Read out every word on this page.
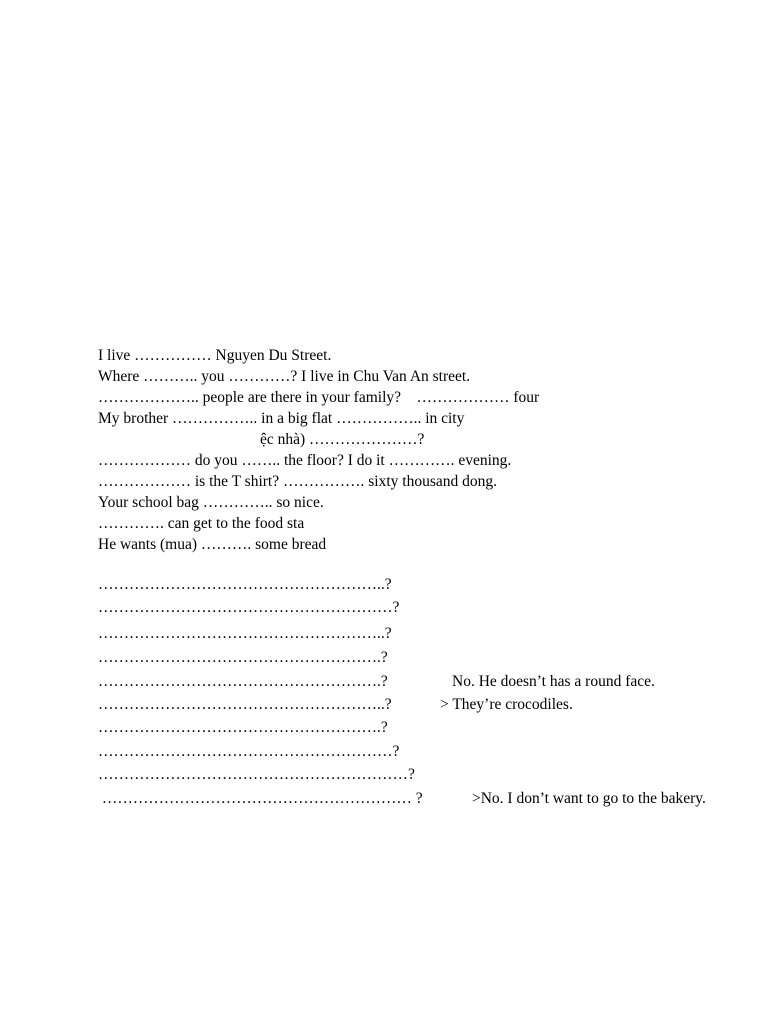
I live …………… Nguyen Du Street.
Where ……….. you …………? I live in Chu Van An street.
……………….. people are there in your family?    ……………… four
My brother …………….. in a big flat …………….. in city
ệc nhà) …………………?
……………… do you …….. the floor? I do it …………. evening.
……………… is the T shirt? ……………. sixty thousand dong.
Your school bag ………….. so nice.
…………. can get to the food sta
He wants (mua) ………. some bread
………………………………………………..?
…………………………………………………?
………………………………………………..?
……………………………………………….?
……………………………………………….?	No. He doesn’t has a round face.
………………………………………………..?	> They’re crocodiles.
……………………………………………….?
…………………………………………………?
……………………………………………………?
…………………………………………………… ?	>No. I don’t want to go to the bakery.
